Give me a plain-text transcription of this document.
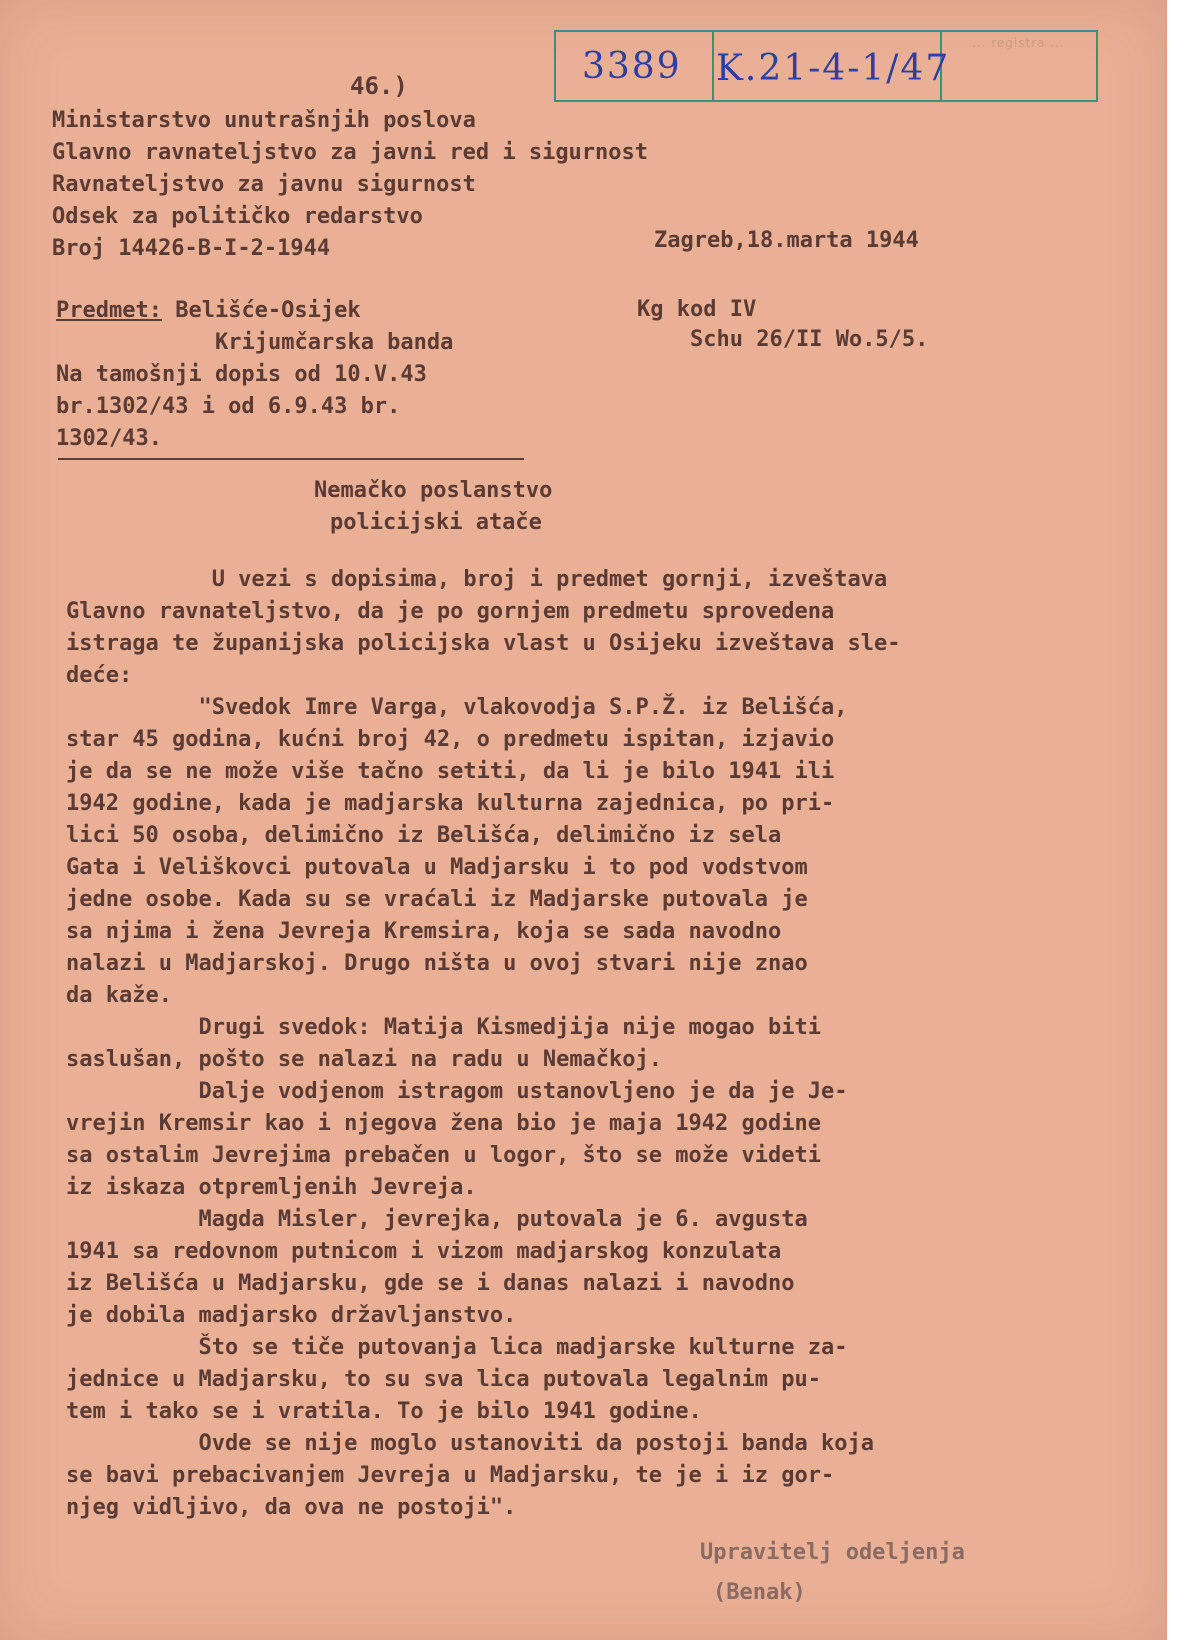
... registra ...
3389 K.21-4-1/47
46.)
Ministarstvo unutrašnjih poslova
Glavno ravnateljstvo za javni red i sigurnost
Ravnateljstvo za javnu sigurnost
Odsek za političko redarstvo
Broj 14426-B-I-2-1944	Zagreb,18.marta 1944
Kg kod IV
Schu 26/II Wo.5/5.
Predmet: Belišće-Osijek
Krijumčarska banda
Na tamošnji dopis od 10.V.43
br.1302/43 i od 6.9.43 br.
1302/43.
Nemačko poslanstvo
policijski atače
U vezi s dopisima, broj i predmet gornji, izveštava
Glavno ravnateljstvo, da je po gornjem predmetu sprovedena
istraga te županijska policijska vlast u Osijeku izveštava sle-
deće:
"Svedok Imre Varga, vlakovodja S.P.Ž. iz Belišća,
star 45 godina, kućni broj 42, o predmetu ispitan, izjavio
je da se ne može više tačno setiti, da li je bilo 1941 ili
1942 godine, kada je madjarska kulturna zajednica, po pri-
lici 50 osoba, delimično iz Belišća, delimično iz sela
Gata i Veliškovci putovala u Madjarsku i to pod vodstvom
jedne osobe. Kada su se vraćali iz Madjarske putovala je
sa njima i žena Jevreja Kremsira, koja se sada navodno
nalazi u Madjarskoj. Drugo ništa u ovoj stvari nije znao
da kaže.
Drugi svedok: Matija Kismedjija nije mogao biti
saslušan, pošto se nalazi na radu u Nemačkoj.
Dalje vodjenom istragom ustanovljeno je da je Je-
vrejin Kremsir kao i njegova žena bio je maja 1942 godine
sa ostalim Jevrejima prebačen u logor, što se može videti
iz iskaza otpremljenih Jevreja.
Magda Misler, jevrejka, putovala je 6. avgusta
1941 sa redovnom putnicom i vizom madjarskog konzulata
iz Belišća u Madjarsku, gde se i danas nalazi i navodno
je dobila madjarsko državljanstvo.
Što se tiče putovanja lica madjarske kulturne za-
jednice u Madjarsku, to su sva lica putovala legalnim pu-
tem i tako se i vratila. To je bilo 1941 godine.
Ovde se nije moglo ustanoviti da postoji banda koja
se bavi prebacivanjem Jevreja u Madjarsku, te je i iz gor-
njeg vidljivo, da ova ne postoji".
Upravitelj odeljenja
(Benak)
